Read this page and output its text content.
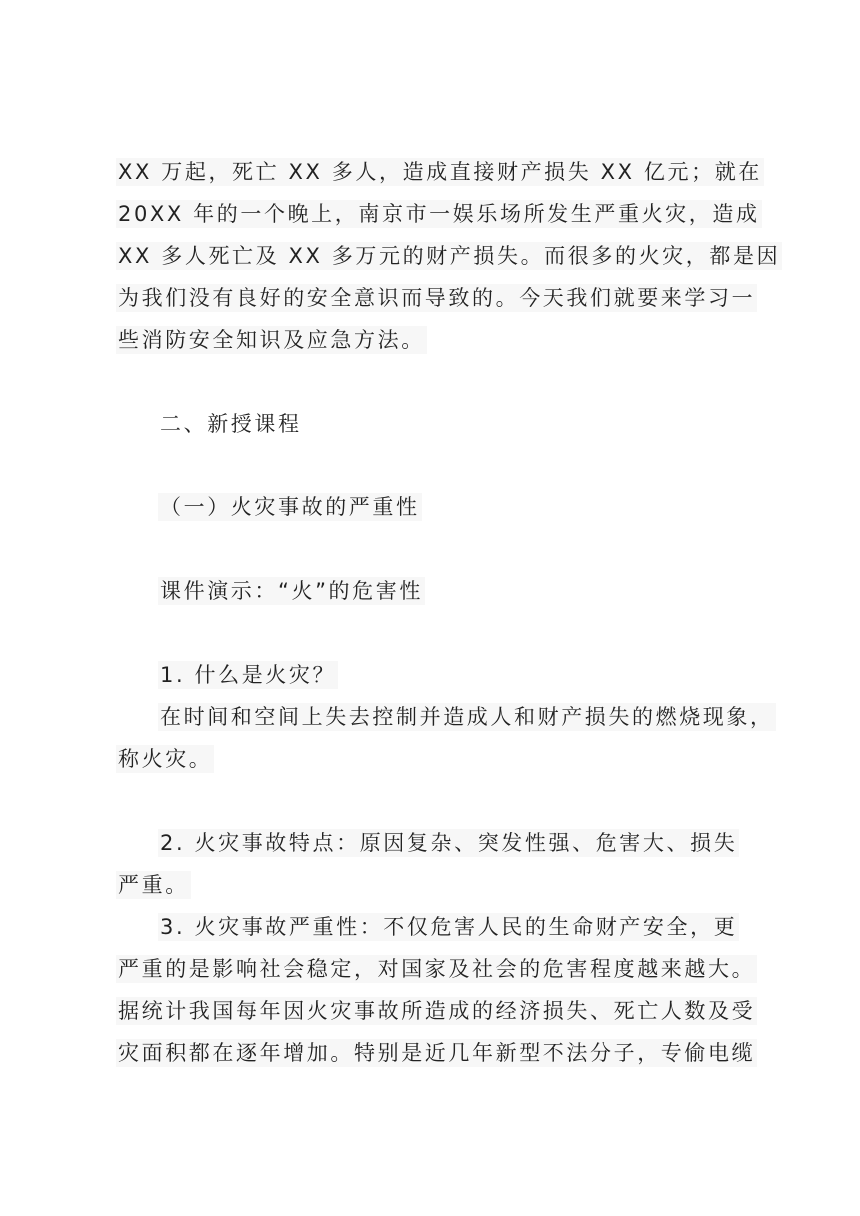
XX 万起，死亡 XX 多人，造成直接财产损失 XX 亿元；就在
20XX 年的一个晚上，南京市一娱乐场所发生严重火灾，造成
XX 多人死亡及 XX 多万元的财产损失。而很多的火灾，都是因
为我们没有良好的安全意识而导致的。今天我们就要来学习一
些消防安全知识及应急方法。
二、新授课程
（一）火灾事故的严重性
课件演示：“火”的危害性
1. 什么是火灾？
在时间和空间上失去控制并造成人和财产损失的燃烧现象，
称火灾。
2. 火灾事故特点：原因复杂、突发性强、危害大、损失
严重。
3. 火灾事故严重性：不仅危害人民的生命财产安全，更
严重的是影响社会稳定，对国家及社会的危害程度越来越大。
据统计我国每年因火灾事故所造成的经济损失、死亡人数及受
灾面积都在逐年增加。特别是近几年新型不法分子，专偷电缆
